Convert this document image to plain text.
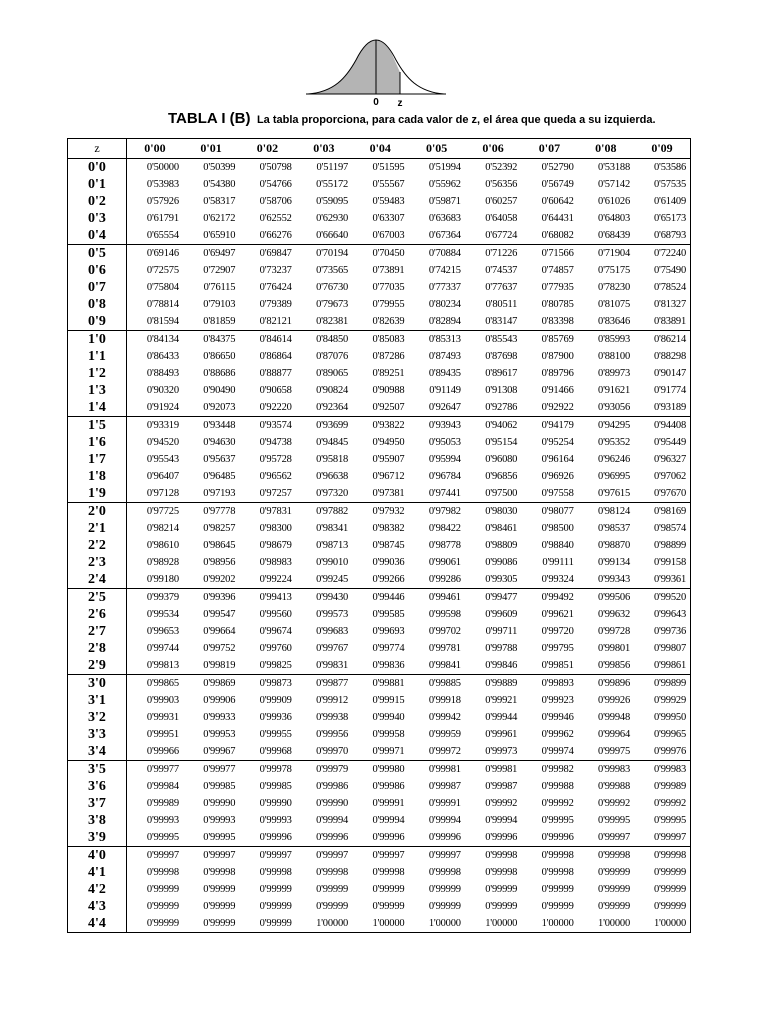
0 z
TABLA I (B) La tabla proporciona, para cada valor de z, el área que queda a su izquierda.
z	0'00	0'01	0'02	0'03	0'04	0'05	0'06	0'07	0'08	0'09
0'0	0'50000	0'50399	0'50798	0'51197	0'51595	0'51994	0'52392	0'52790	0'53188	0'53586
0'1	0'53983	0'54380	0'54766	0'55172	0'55567	0'55962	0'56356	0'56749	0'57142	0'57535
0'2	0'57926	0'58317	0'58706	0'59095	0'59483	0'59871	0'60257	0'60642	0'61026	0'61409
0'3	0'61791	0'62172	0'62552	0'62930	0'63307	0'63683	0'64058	0'64431	0'64803	0'65173
0'4	0'65554	0'65910	0'66276	0'66640	0'67003	0'67364	0'67724	0'68082	0'68439	0'68793
0'5	0'69146	0'69497	0'69847	0'70194	0'70450	0'70884	0'71226	0'71566	0'71904	0'72240
0'6	0'72575	0'72907	0'73237	0'73565	0'73891	0'74215	0'74537	0'74857	0'75175	0'75490
0'7	0'75804	0'76115	0'76424	0'76730	0'77035	0'77337	0'77637	0'77935	0'78230	0'78524
0'8	0'78814	0'79103	0'79389	0'79673	0'79955	0'80234	0'80511	0'80785	0'81075	0'81327
0'9	0'81594	0'81859	0'82121	0'82381	0'82639	0'82894	0'83147	0'83398	0'83646	0'83891
1'0	0'84134	0'84375	0'84614	0'84850	0'85083	0'85313	0'85543	0'85769	0'85993	0'86214
1'1	0'86433	0'86650	0'86864	0'87076	0'87286	0'87493	0'87698	0'87900	0'88100	0'88298
1'2	0'88493	0'88686	0'88877	0'89065	0'89251	0'89435	0'89617	0'89796	0'89973	0'90147
1'3	0'90320	0'90490	0'90658	0'90824	0'90988	0'91149	0'91308	0'91466	0'91621	0'91774
1'4	0'91924	0'92073	0'92220	0'92364	0'92507	0'92647	0'92786	0'92922	0'93056	0'93189
1'5	0'93319	0'93448	0'93574	0'93699	0'93822	0'93943	0'94062	0'94179	0'94295	0'94408
1'6	0'94520	0'94630	0'94738	0'94845	0'94950	0'95053	0'95154	0'95254	0'95352	0'95449
1'7	0'95543	0'95637	0'95728	0'95818	0'95907	0'95994	0'96080	0'96164	0'96246	0'96327
1'8	0'96407	0'96485	0'96562	0'96638	0'96712	0'96784	0'96856	0'96926	0'96995	0'97062
1'9	0'97128	0'97193	0'97257	0'97320	0'97381	0'97441	0'97500	0'97558	0'97615	0'97670
2'0	0'97725	0'97778	0'97831	0'97882	0'97932	0'97982	0'98030	0'98077	0'98124	0'98169
2'1	0'98214	0'98257	0'98300	0'98341	0'98382	0'98422	0'98461	0'98500	0'98537	0'98574
2'2	0'98610	0'98645	0'98679	0'98713	0'98745	0'98778	0'98809	0'98840	0'98870	0'98899
2'3	0'98928	0'98956	0'98983	0'99010	0'99036	0'99061	0'99086	0'99111	0'99134	0'99158
2'4	0'99180	0'99202	0'99224	0'99245	0'99266	0'99286	0'99305	0'99324	0'99343	0'99361
2'5	0'99379	0'99396	0'99413	0'99430	0'99446	0'99461	0'99477	0'99492	0'99506	0'99520
2'6	0'99534	0'99547	0'99560	0'99573	0'99585	0'99598	0'99609	0'99621	0'99632	0'99643
2'7	0'99653	0'99664	0'99674	0'99683	0'99693	0'99702	0'99711	0'99720	0'99728	0'99736
2'8	0'99744	0'99752	0'99760	0'99767	0'99774	0'99781	0'99788	0'99795	0'99801	0'99807
2'9	0'99813	0'99819	0'99825	0'99831	0'99836	0'99841	0'99846	0'99851	0'99856	0'99861
3'0	0'99865	0'99869	0'99873	0'99877	0'99881	0'99885	0'99889	0'99893	0'99896	0'99899
3'1	0'99903	0'99906	0'99909	0'99912	0'99915	0'99918	0'99921	0'99923	0'99926	0'99929
3'2	0'99931	0'99933	0'99936	0'99938	0'99940	0'99942	0'99944	0'99946	0'99948	0'99950
3'3	0'99951	0'99953	0'99955	0'99956	0'99958	0'99959	0'99961	0'99962	0'99964	0'99965
3'4	0'99966	0'99967	0'99968	0'99970	0'99971	0'99972	0'99973	0'99974	0'99975	0'99976
3'5	0'99977	0'99977	0'99978	0'99979	0'99980	0'99981	0'99981	0'99982	0'99983	0'99983
3'6	0'99984	0'99985	0'99985	0'99986	0'99986	0'99987	0'99987	0'99988	0'99988	0'99989
3'7	0'99989	0'99990	0'99990	0'99990	0'99991	0'99991	0'99992	0'99992	0'99992	0'99992
3'8	0'99993	0'99993	0'99993	0'99994	0'99994	0'99994	0'99994	0'99995	0'99995	0'99995
3'9	0'99995	0'99995	0'99996	0'99996	0'99996	0'99996	0'99996	0'99996	0'99997	0'99997
4'0	0'99997	0'99997	0'99997	0'99997	0'99997	0'99997	0'99998	0'99998	0'99998	0'99998
4'1	0'99998	0'99998	0'99998	0'99998	0'99998	0'99998	0'99998	0'99998	0'99999	0'99999
4'2	0'99999	0'99999	0'99999	0'99999	0'99999	0'99999	0'99999	0'99999	0'99999	0'99999
4'3	0'99999	0'99999	0'99999	0'99999	0'99999	0'99999	0'99999	0'99999	0'99999	0'99999
4'4	0'99999	0'99999	0'99999	1'00000	1'00000	1'00000	1'00000	1'00000	1'00000	1'00000
